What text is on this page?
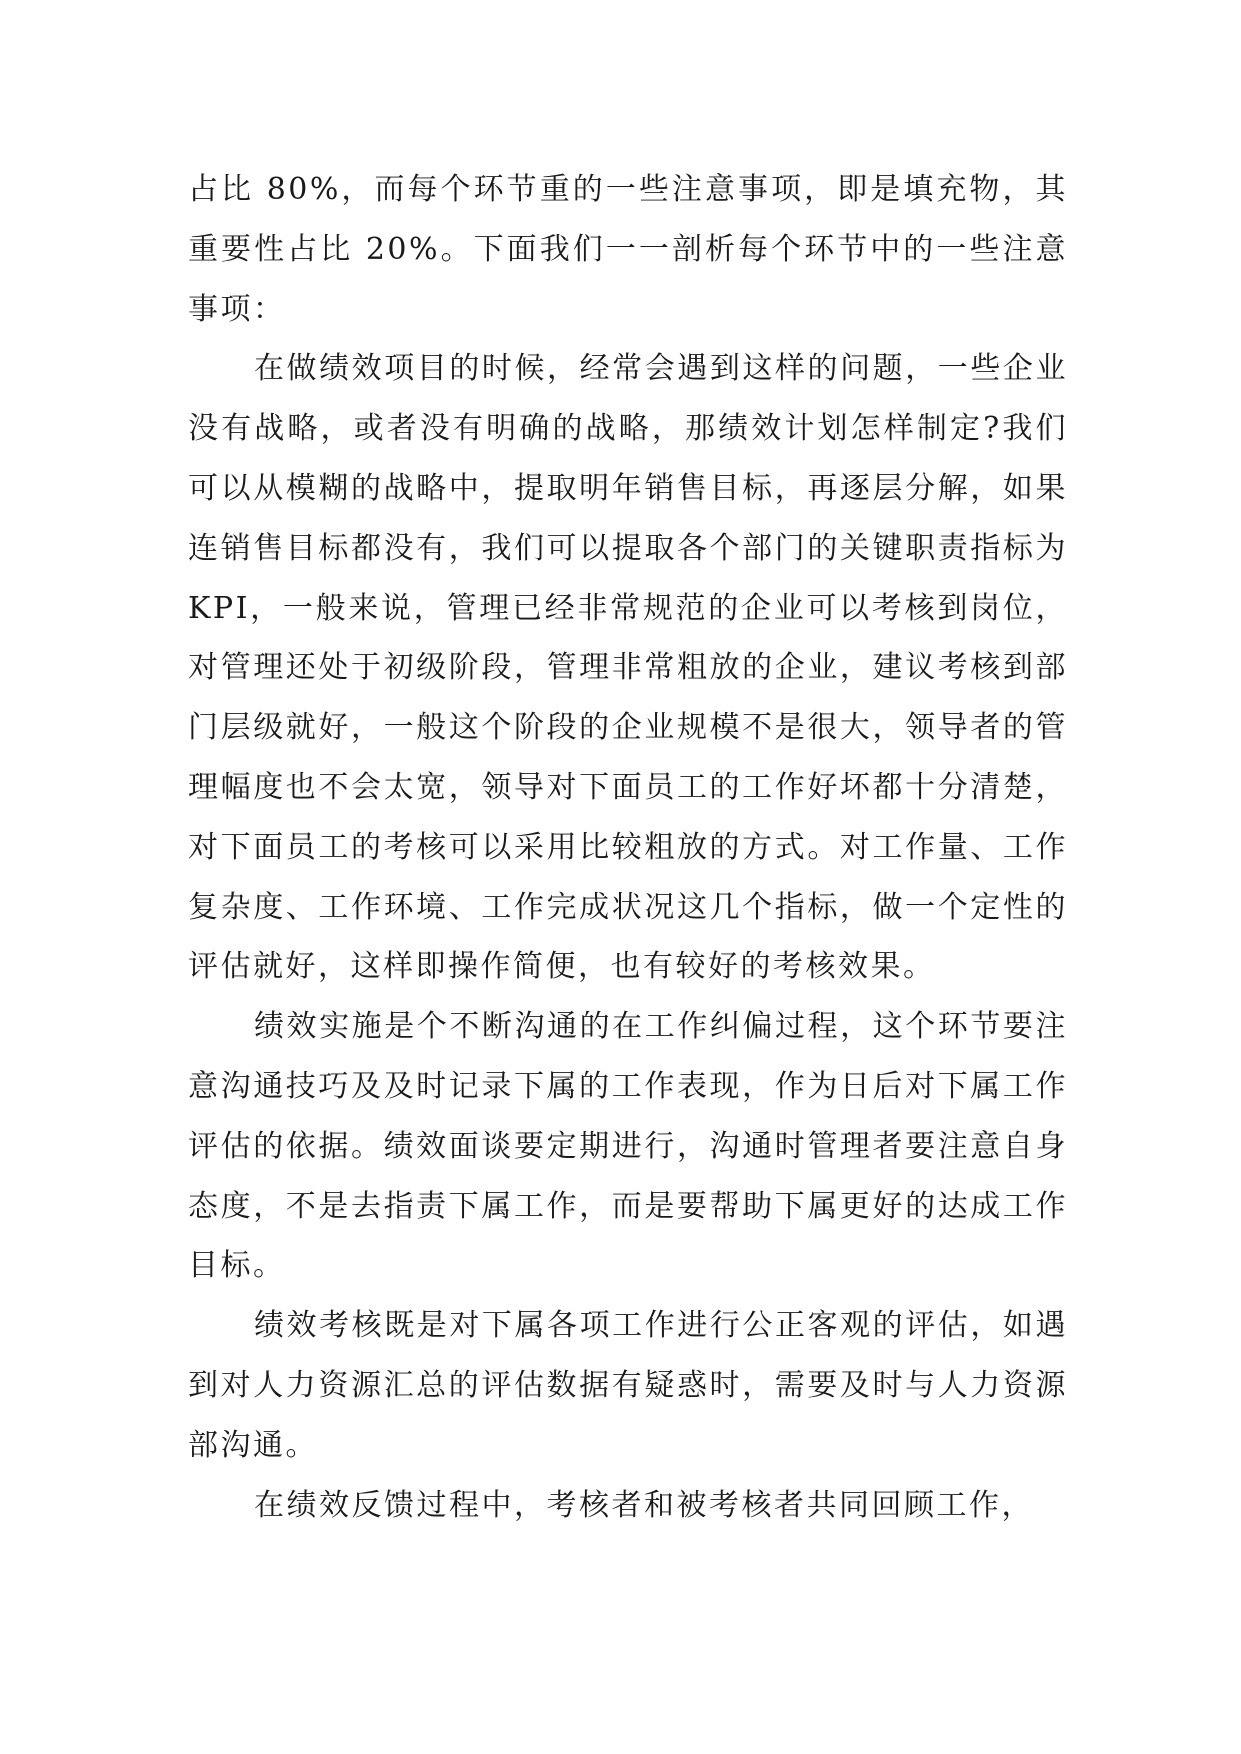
占比 80%，而每个环节重的一些注意事项，即是填充物，其重要性占比 20%。下面我们一一剖析每个环节中的一些注意事项：

在做绩效项目的时候，经常会遇到这样的问题，一些企业没有战略，或者没有明确的战略，那绩效计划怎样制定?我们可以从模糊的战略中，提取明年销售目标，再逐层分解，如果连销售目标都没有，我们可以提取各个部门的关键职责指标为 KPI，一般来说，管理已经非常规范的企业可以考核到岗位，对管理还处于初级阶段，管理非常粗放的企业，建议考核到部门层级就好，一般这个阶段的企业规模不是很大，领导者的管理幅度也不会太宽，领导对下面员工的工作好坏都十分清楚，对下面员工的考核可以采用比较粗放的方式。对工作量、工作复杂度、工作环境、工作完成状况这几个指标，做一个定性的评估就好，这样即操作简便，也有较好的考核效果。

绩效实施是个不断沟通的在工作纠偏过程，这个环节要注意沟通技巧及及时记录下属的工作表现，作为日后对下属工作评估的依据。绩效面谈要定期进行，沟通时管理者要注意自身态度，不是去指责下属工作，而是要帮助下属更好的达成工作目标。

绩效考核既是对下属各项工作进行公正客观的评估，如遇到对人力资源汇总的评估数据有疑惑时，需要及时与人力资源部沟通。

在绩效反馈过程中，考核者和被考核者共同回顾工作，
